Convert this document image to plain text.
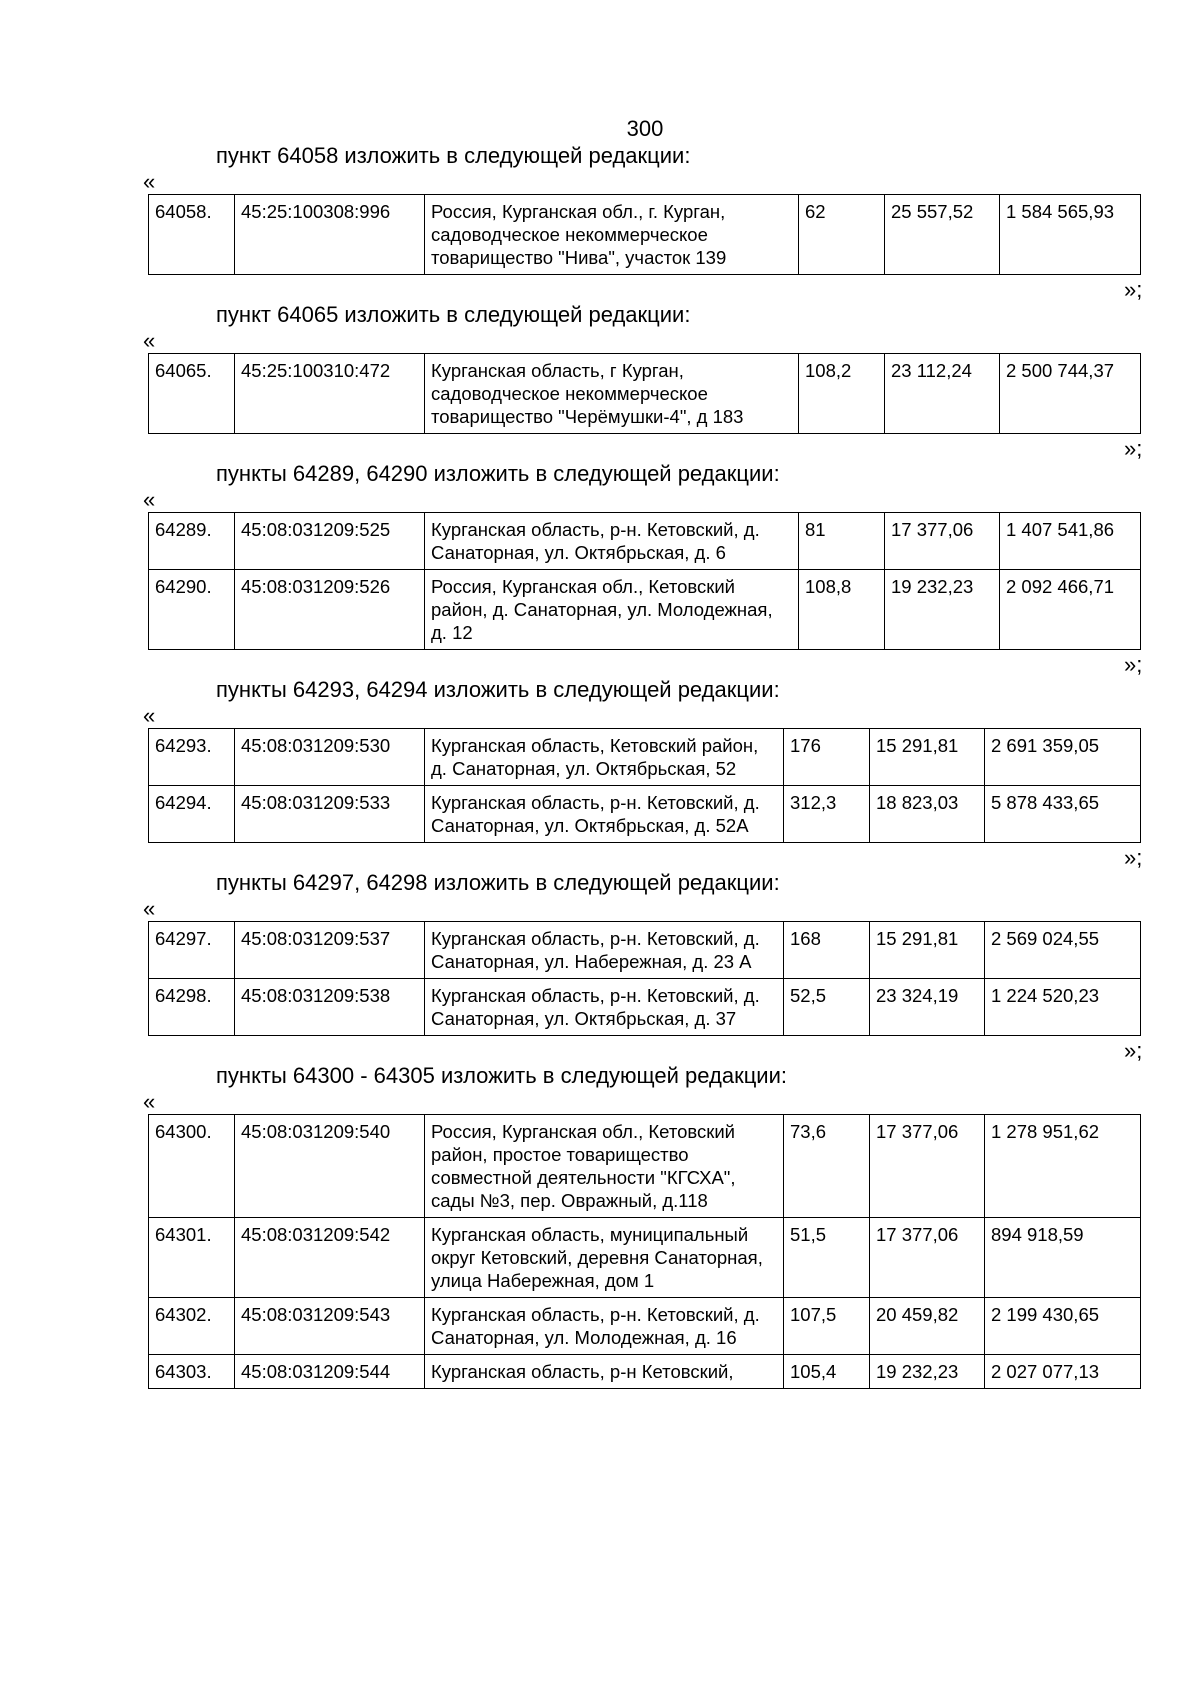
300
пункт 64058 изложить в следующей редакции:
«
64058.	45:25:100308:996	Россия, Курганская обл., г. Курган, садоводческое некоммерческое товарищество "Нива", участок 139	62	25 557,52	1 584 565,93
»;
пункт 64065 изложить в следующей редакции:
«
64065.	45:25:100310:472	Курганская область, г Курган, садоводческое некоммерческое товарищество "Черёмушки-4", д 183	108,2	23 112,24	2 500 744,37
»;
пункты 64289, 64290 изложить в следующей редакции:
«
64289.	45:08:031209:525	Курганская область, р-н. Кетовский, д. Санаторная, ул. Октябрьская, д. 6	81	17 377,06	1 407 541,86
64290.	45:08:031209:526	Россия, Курганская обл., Кетовский район, д. Санаторная, ул. Молодежная, д. 12	108,8	19 232,23	2 092 466,71
»;
пункты 64293, 64294 изложить в следующей редакции:
«
64293.	45:08:031209:530	Курганская область, Кетовский район, д. Санаторная, ул. Октябрьская, 52	176	15 291,81	2 691 359,05
64294.	45:08:031209:533	Курганская область, р-н. Кетовский, д. Санаторная, ул. Октябрьская, д. 52А	312,3	18 823,03	5 878 433,65
»;
пункты 64297, 64298 изложить в следующей редакции:
«
64297.	45:08:031209:537	Курганская область, р-н. Кетовский, д. Санаторная, ул. Набережная, д. 23 А	168	15 291,81	2 569 024,55
64298.	45:08:031209:538	Курганская область, р-н. Кетовский, д. Санаторная, ул. Октябрьская, д. 37	52,5	23 324,19	1 224 520,23
»;
пункты 64300 - 64305 изложить в следующей редакции:
«
64300.	45:08:031209:540	Россия, Курганская обл., Кетовский район, простое товарищество совместной деятельности "КГСХА", сады №3, пер. Овражный, д.118	73,6	17 377,06	1 278 951,62
64301.	45:08:031209:542	Курганская область, муниципальный округ Кетовский, деревня Санаторная, улица Набережная, дом 1	51,5	17 377,06	894 918,59
64302.	45:08:031209:543	Курганская область, р-н. Кетовский, д. Санаторная, ул. Молодежная, д. 16	107,5	20 459,82	2 199 430,65
64303.	45:08:031209:544	Курганская область, р-н Кетовский,	105,4	19 232,23	2 027 077,13
